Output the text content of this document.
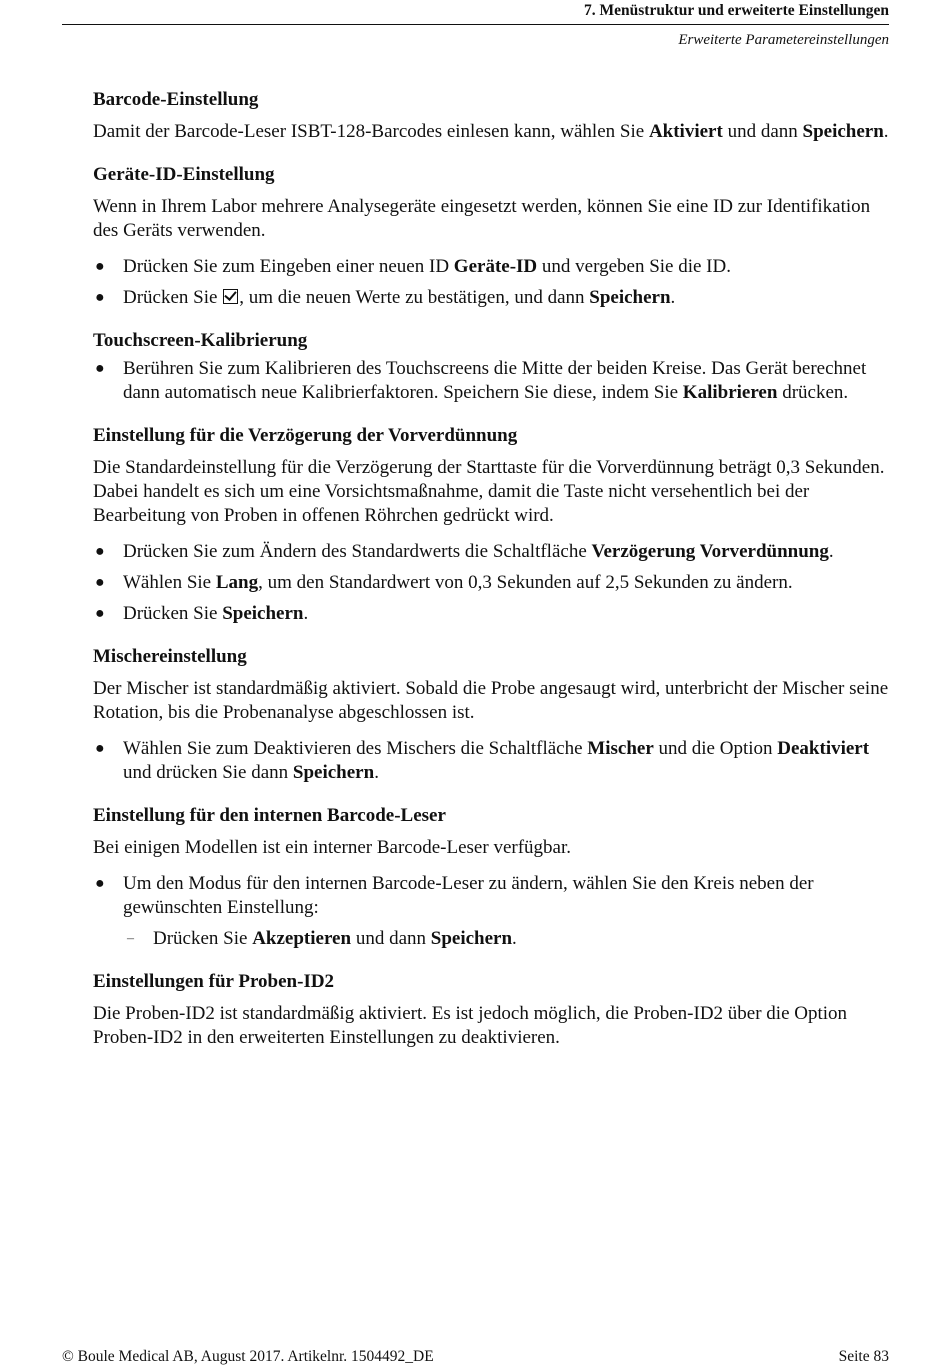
7. Menüstruktur und erweiterte Einstellungen
Erweiterte Parametereinstellungen
Barcode-Einstellung

Damit der Barcode-Leser ISBT-128-Barcodes einlesen kann, wählen Sie Aktiviert und dann Speichern.

Geräte-ID-Einstellung

Wenn in Ihrem Labor mehrere Analysegeräte eingesetzt werden, können Sie eine ID zur Identifikation des Geräts verwenden.

● Drücken Sie zum Eingeben einer neuen ID Geräte-ID und vergeben Sie die ID.
● Drücken Sie , um die neuen Werte zu bestätigen, und dann Speichern.
Touchscreen-Kalibrierung
● Berühren Sie zum Kalibrieren des Touchscreens die Mitte der beiden Kreise. Das Gerät berechnet dann automatisch neue Kalibrierfaktoren. Speichern Sie diese, indem Sie Kalibrieren drücken.
Einstellung für die Verzögerung der Vorverdünnung

Die Standardeinstellung für die Verzögerung der Starttaste für die Vorverdünnung beträgt 0,3 Sekunden. Dabei handelt es sich um eine Vorsichtsmaßnahme, damit die Taste nicht versehentlich bei der Bearbeitung von Proben in offenen Röhrchen gedrückt wird.

● Drücken Sie zum Ändern des Standardwerts die Schaltfläche Verzögerung Vorverdünnung.
● Wählen Sie Lang, um den Standardwert von 0,3 Sekunden auf 2,5 Sekunden zu ändern.
● Drücken Sie Speichern.
Mischereinstellung

Der Mischer ist standardmäßig aktiviert. Sobald die Probe angesaugt wird, unterbricht der Mischer seine Rotation, bis die Probenanalyse abgeschlossen ist.

● Wählen Sie zum Deaktivieren des Mischers die Schaltfläche Mischer und die Option Deaktiviert und drücken Sie dann Speichern.
Einstellung für den internen Barcode-Leser

Bei einigen Modellen ist ein interner Barcode-Leser verfügbar.

● Um den Modus für den internen Barcode-Leser zu ändern, wählen Sie den Kreis neben der gewünschten Einstellung:
– Drücken Sie Akzeptieren und dann Speichern.
Einstellungen für Proben-ID2

Die Proben-ID2 ist standardmäßig aktiviert. Es ist jedoch möglich, die Proben-ID2 über die Option Proben-ID2 in den erweiterten Einstellungen zu deaktivieren.

© Boule Medical AB, August 2017. Artikelnr. 1504492_DE	Seite 83
